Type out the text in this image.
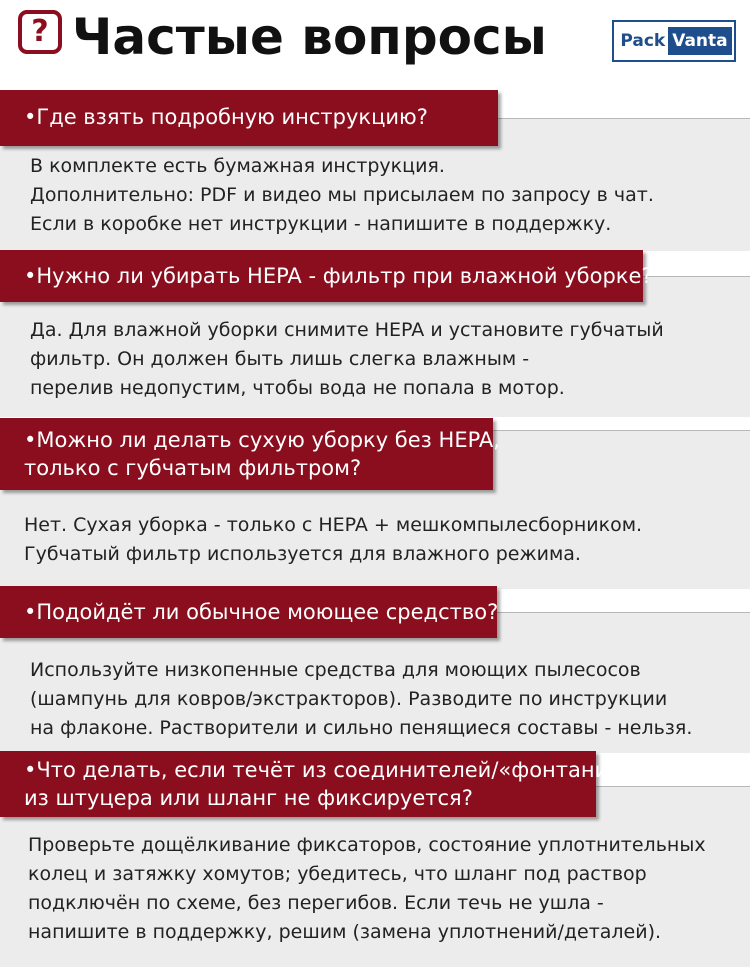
? Частые вопросы	Pack Vanta
•Где взять подробную инструкцию?
В комплекте есть бумажная инструкция.
Дополнительно: PDF и видео мы присылаем по запросу в чат.
Если в коробке нет инструкции - напишите в поддержку.
•Нужно ли убирать HEPA - фильтр при влажной уборке?
Да. Для влажной уборки снимите HEPA и установите губчатый
фильтр. Он должен быть лишь слегка влажным -
перелив недопустим, чтобы вода не попала в мотор.
•Можно ли делать сухую уборку без HEPA,
только с губчатым фильтром?
Нет. Сухая уборка - только с HEPA + мешкомпылесборником.
Губчатый фильтр используется для влажного режима.
•Подойдёт ли обычное моющее средство?
Используйте низкопенные средства для моющих пылесосов
(шампунь для ковров/экстракторов). Разводите по инструкции
на флаконе. Растворители и сильно пенящиеся составы - нельзя.
•Что делать, если течёт из соединителей/«фонтанит»
из штуцера или шланг не фиксируется?
Проверьте дощёлкивание фиксаторов, состояние уплотнительных
колец и затяжку хомутов; убедитесь, что шланг под раствор
подключён по схеме, без перегибов. Если течь не ушла -
напишите в поддержку, решим (замена уплотнений/деталей).
